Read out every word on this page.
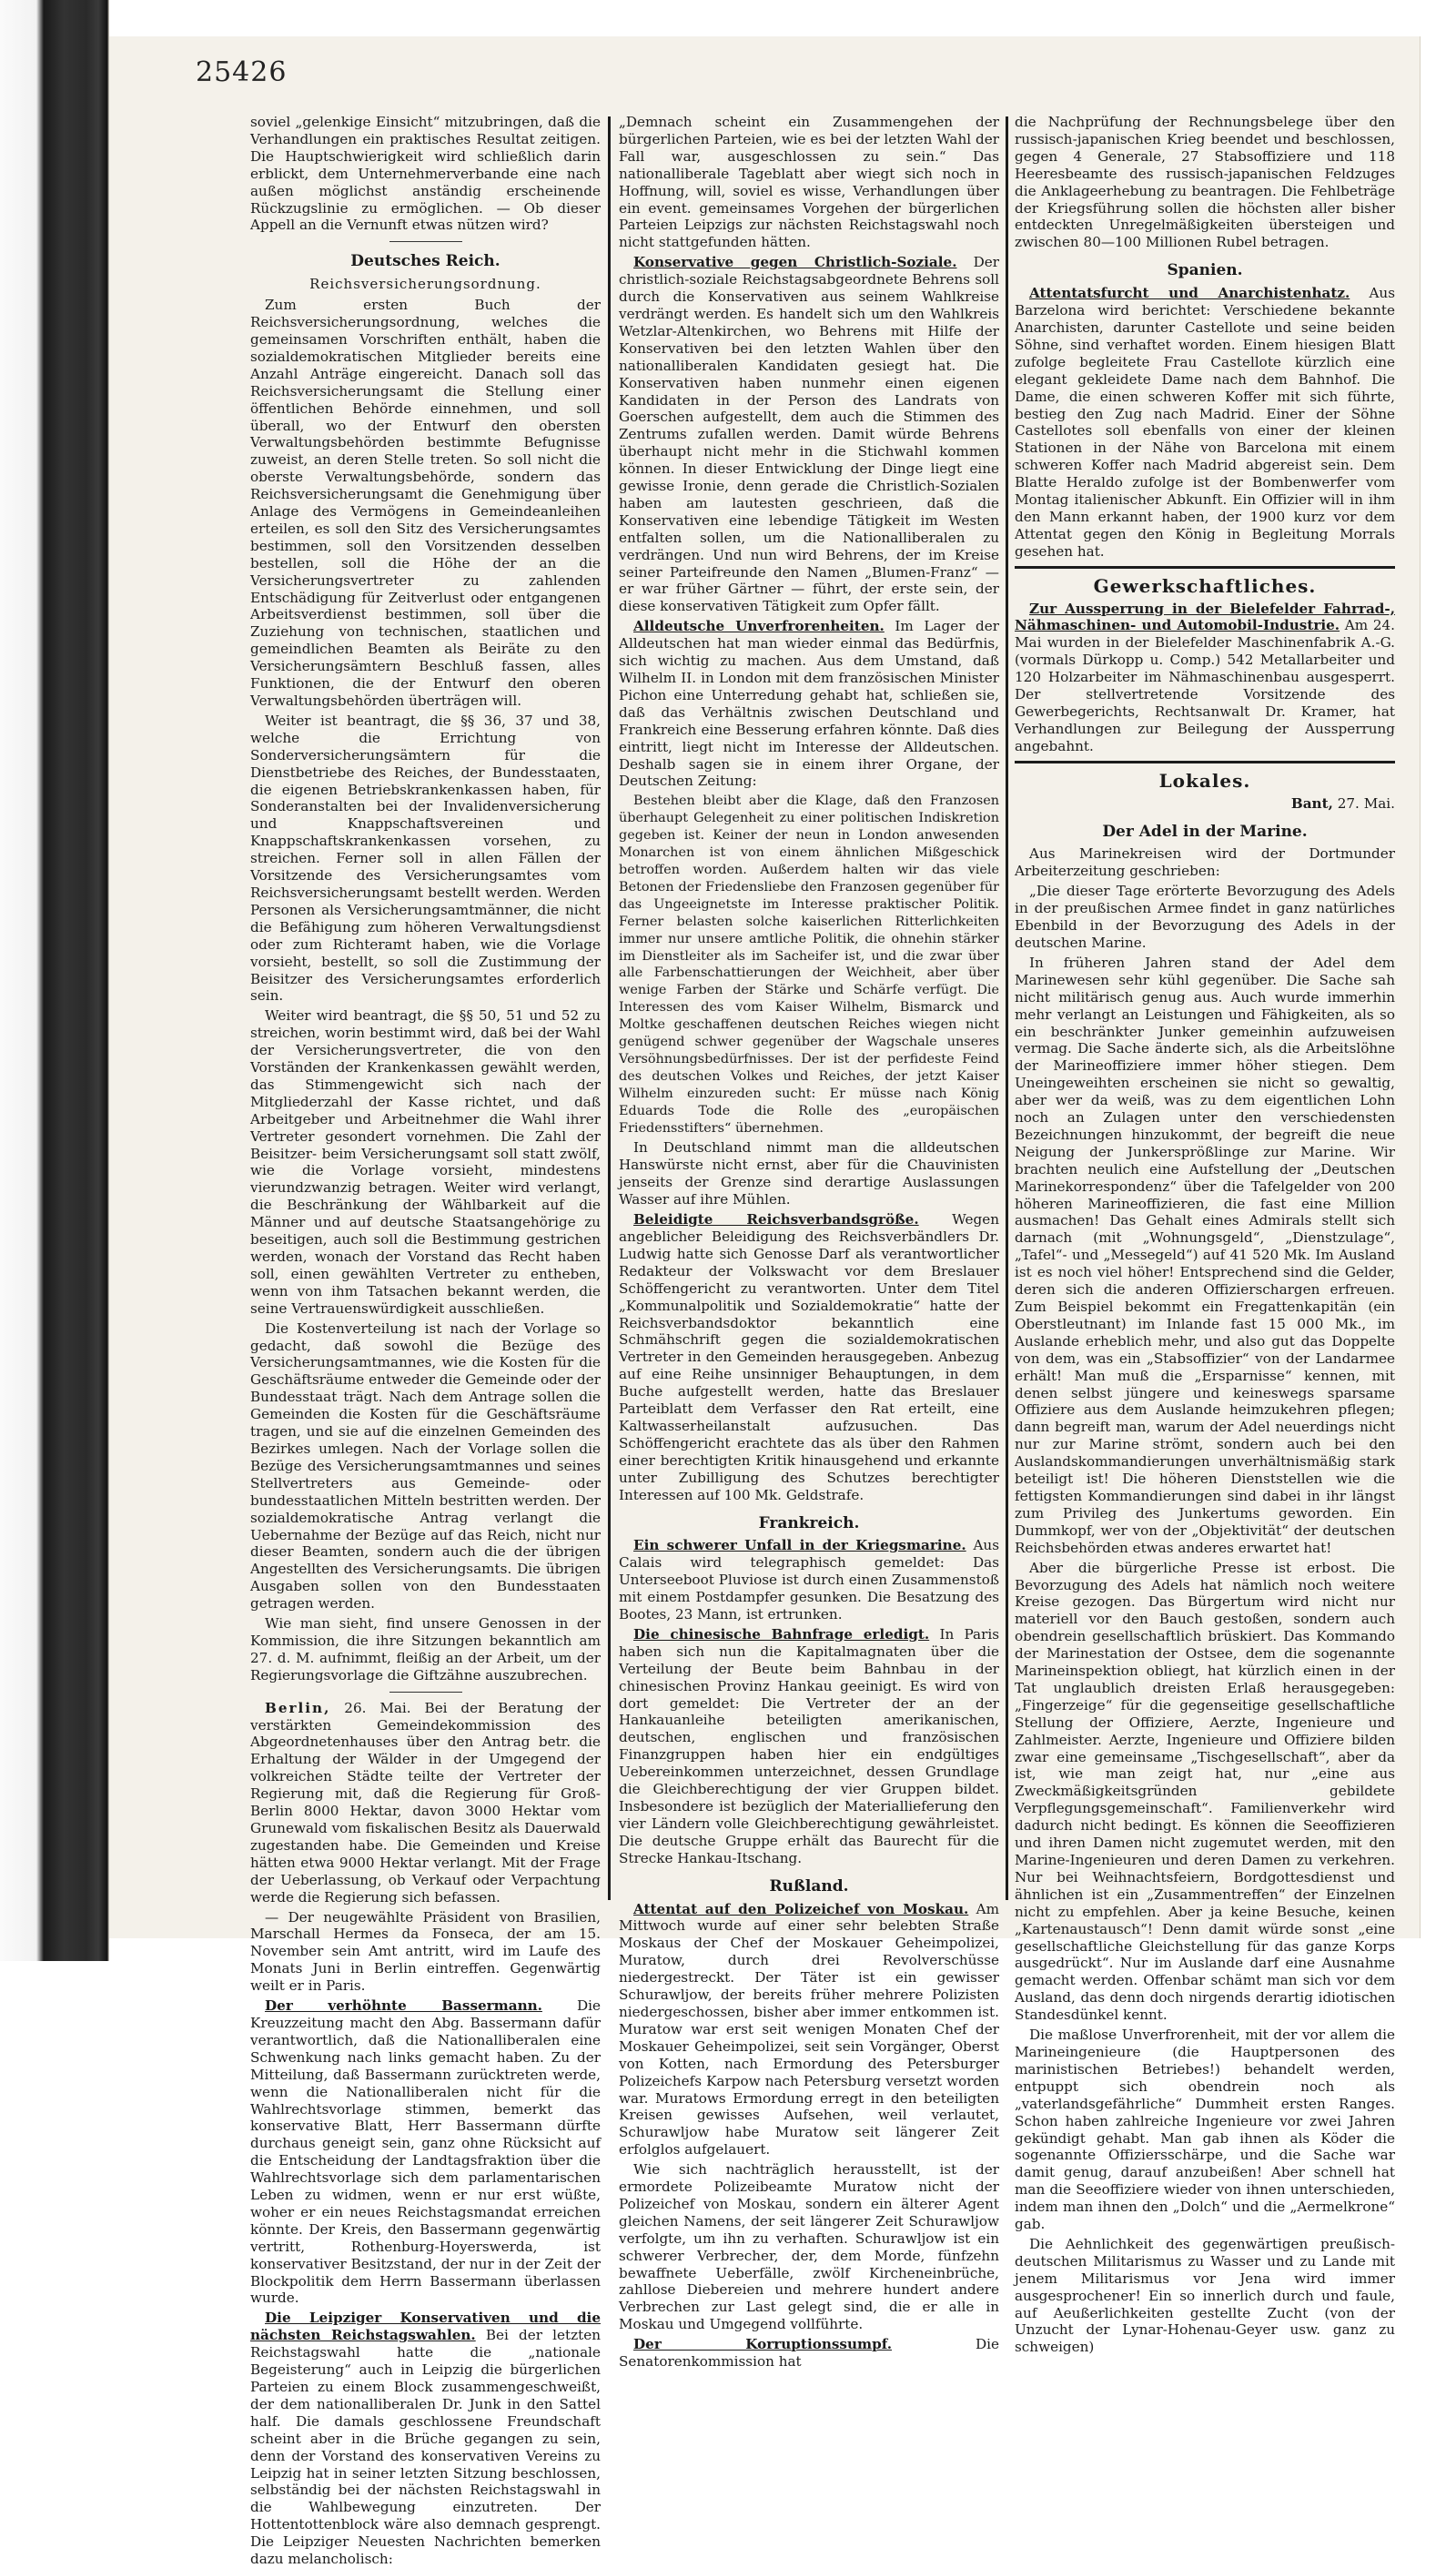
25426

soviel „gelenkige Einsicht“ mitzubringen, daß die Verhandlungen ein praktisches Resultat zeitigen. Die Hauptschwierigkeit wird schließlich darin erblickt, dem Unternehmerverbande eine nach außen möglichst anständig erscheinende Rückzugslinie zu ermöglichen. — Ob dieser Appell an die Vernunft etwas nützen wird?

Deutsches Reich.
Reichsversicherungsordnung.

Zum ersten Buch der Reichsversicherungsordnung, welches die gemeinsamen Vorschriften enthält, haben die sozialdemokratischen Mitglieder bereits eine Anzahl Anträge eingereicht. Danach soll das Reichsversicherungsamt die Stellung einer öffentlichen Behörde einnehmen, und soll überall, wo der Entwurf den obersten Verwaltungsbehörden bestimmte Befugnisse zuweist, an deren Stelle treten. So soll nicht die oberste Verwaltungsbehörde, sondern das Reichsversicherungsamt die Genehmigung über Anlage des Vermögens in Gemeindeanleihen erteilen, es soll den Sitz des Versicherungsamtes bestimmen, soll den Vorsitzenden desselben bestellen, soll die Höhe der an die Versicherungsvertreter zu zahlenden Entschädigung für Zeitverlust oder entgangenen Arbeitsverdienst bestimmen, soll über die Zuziehung von technischen, staatlichen und gemeindlichen Beamten als Beiräte zu den Versicherungsämtern Beschluß fassen, alles Funktionen, die der Entwurf den oberen Verwaltungsbehörden überträgen will.

Weiter ist beantragt, die §§ 36, 37 und 38, welche die Errichtung von Sonderversicherungsämtern für die Dienstbetriebe des Reiches, der Bundesstaaten, die eigenen Betriebskrankenkassen haben, für Sonderanstalten bei der Invalidenversicherung und Knappschaftsvereinen und Knappschaftskrankenkassen vorsehen, zu streichen. Ferner soll in allen Fällen der Vorsitzende des Versicherungsamtes vom Reichsversicherungsamt bestellt werden. Werden Personen als Versicherungsamtmänner, die nicht die Befähigung zum höheren Verwaltungsdienst oder zum Richteramt haben, wie die Vorlage vorsieht, bestellt, so soll die Zustimmung der Beisitzer des Versicherungsamtes erforderlich sein.

Weiter wird beantragt, die §§ 50, 51 und 52 zu streichen, worin bestimmt wird, daß bei der Wahl der Versicherungsvertreter, die von den Vorständen der Krankenkassen gewählt werden, das Stimmengewicht sich nach der Mitgliederzahl der Kasse richtet, und daß Arbeitgeber und Arbeitnehmer die Wahl ihrer Vertreter gesondert vornehmen. Die Zahl der Beisitzer- beim Versicherungsamt soll statt zwölf, wie die Vorlage vorsieht, mindestens vierundzwanzig betragen. Weiter wird verlangt, die Beschränkung der Wählbarkeit auf die Männer und auf deutsche Staatsangehörige zu beseitigen, auch soll die Bestimmung gestrichen werden, wonach der Vorstand das Recht haben soll, einen gewählten Vertreter zu entheben, wenn von ihm Tatsachen bekannt werden, die seine Vertrauenswürdigkeit ausschließen.

Die Kostenverteilung ist nach der Vorlage so gedacht, daß sowohl die Bezüge des Versicherungsamtmannes, wie die Kosten für die Geschäftsräume entweder die Gemeinde oder der Bundesstaat trägt. Nach dem Antrage sollen die Gemeinden die Kosten für die Geschäftsräume tragen, und sie auf die einzelnen Gemeinden des Bezirkes umlegen. Nach der Vorlage sollen die Bezüge des Versicherungsamtmannes und seines Stellvertreters aus Gemeinde- oder bundesstaatlichen Mitteln bestritten werden. Der sozialdemokratische Antrag verlangt die Uebernahme der Bezüge auf das Reich, nicht nur dieser Beamten, sondern auch die der übrigen Angestellten des Versicherungsamts. Die übrigen Ausgaben sollen von den Bundesstaaten getragen werden.

Wie man sieht, find unsere Genossen in der Kommission, die ihre Sitzungen bekanntlich am 27. d. M. aufnimmt, fleißig an der Arbeit, um der Regierungsvorlage die Giftzähne auszubrechen.

Berlin, 26. Mai. Bei der Beratung der verstärkten Gemeindekommission des Abgeordnetenhauses über den Antrag betr. die Erhaltung der Wälder in der Umgegend der volkreichen Städte teilte der Vertreter der Regierung mit, daß die Regierung für Groß-Berlin 8000 Hektar, davon 3000 Hektar vom Grunewald vom fiskalischen Besitz als Dauerwald zugestanden habe. Die Gemeinden und Kreise hätten etwa 9000 Hektar verlangt. Mit der Frage der Ueberlassung, ob Verkauf oder Verpachtung werde die Regierung sich befassen.

— Der neugewählte Präsident von Brasilien, Marschall Hermes da Fonseca, der am 15. November sein Amt antritt, wird im Laufe des Monats Juni in Berlin eintreffen. Gegenwärtig weilt er in Paris.

Der verhöhnte Bassermann.	Die Kreuzzeitung macht den Abg. Bassermann dafür verantwortlich, daß die Nationalliberalen eine Schwenkung nach links gemacht haben. Zu der Mitteilung, daß Bassermann zurücktreten werde, wenn die Nationalliberalen nicht für die Wahlrechtsvorlage stimmen, bemerkt das konservative Blatt, Herr Bassermann dürfte durchaus geneigt sein, ganz ohne Rücksicht auf die Entscheidung der Landtagsfraktion über die Wahlrechtsvorlage sich dem parlamentarischen Leben zu widmen, wenn er nur erst wüßte, woher er ein neues Reichstagsmandat erreichen könnte. Der Kreis, den Bassermann gegenwärtig vertritt, Rothenburg-Hoyerswerda, ist konservativer Besitzstand, der nur in der Zeit der Blockpolitik dem Herrn Bassermann überlassen wurde.

Die Leipziger Konservativen und die nächsten Reichstagswahlen. Bei der letzten Reichstagswahl hatte die „nationale Begeisterung“ auch in Leipzig die bürgerlichen Parteien zu einem Block zusammengeschweißt, der dem nationalliberalen Dr. Junk in den Sattel half. Die damals geschlossene Freundschaft scheint aber in die Brüche gegangen zu sein, denn der Vorstand des konservativen Vereins zu Leipzig hat in seiner letzten Sitzung beschlossen, selbständig bei der nächsten Reichstagswahl in die Wahlbewegung einzutreten. Der Hottentottenblock wäre also demnach gesprengt. Die Leipziger Neuesten Nachrichten bemerken dazu melancholisch:

„Demnach scheint ein Zusammengehen der bürgerlichen Parteien, wie es bei der letzten Wahl der Fall war, ausgeschlossen zu sein.“ Das nationalliberale Tageblatt aber wiegt sich noch in Hoffnung, will, soviel es wisse, Verhandlungen über ein event. gemeinsames Vorgehen der bürgerlichen Parteien Leipzigs zur nächsten Reichstagswahl noch nicht stattgefunden hätten.

Konservative gegen Christlich-Soziale. Der christlich-soziale Reichstagsabgeordnete Behrens soll durch die Konservativen aus seinem Wahlkreise verdrängt werden. Es handelt sich um den Wahlkreis Wetzlar-Altenkirchen, wo Behrens mit Hilfe der Konservativen bei den letzten Wahlen über den nationalliberalen Kandidaten gesiegt hat. Die Konservativen haben nunmehr einen eigenen Kandidaten in der Person des Landrats von Goerschen aufgestellt, dem auch die Stimmen des Zentrums zufallen werden. Damit würde Behrens überhaupt nicht mehr in die Stichwahl kommen können. In dieser Entwicklung der Dinge liegt eine gewisse Ironie, denn gerade die Christlich-Sozialen haben am lautesten geschrieen, daß die Konservativen eine lebendige Tätigkeit im Westen entfalten sollen, um die Nationalliberalen zu verdrängen. Und nun wird Behrens, der im Kreise seiner Parteifreunde den Namen „Blumen-Franz“ — er war früher Gärtner — führt, der erste sein, der diese konservativen Tätigkeit zum Opfer fällt.

Alldeutsche Unverfrorenheiten. Im Lager der Alldeutschen hat man wieder einmal das Bedürfnis, sich wichtig zu machen. Aus dem Umstand, daß Wilhelm II. in London mit dem französischen Minister Pichon eine Unterredung gehabt hat, schließen sie, daß das Verhältnis zwischen Deutschland und Frankreich eine Besserung erfahren könnte. Daß dies eintritt, liegt nicht im Interesse der Alldeutschen. Deshalb sagen sie in einem ihrer Organe, der Deutschen Zeitung:

Bestehen bleibt aber die Klage, daß den Franzosen überhaupt Gelegenheit zu einer politischen Indiskretion gegeben ist. Keiner der neun in London anwesenden Monarchen ist von einem ähnlichen Mißgeschick betroffen worden. Außerdem halten wir das viele Betonen der Friedensliebe den Franzosen gegenüber für das Ungeeignetste im Interesse praktischer Politik. Ferner belasten solche kaiserlichen Ritterlichkeiten immer nur unsere amtliche Politik, die ohnehin stärker im Dienstleiter als im Sacheifer ist, und die zwar über alle Farbenschattierungen der Weichheit, aber über wenige Farben der Stärke und Schärfe verfügt. Die Interessen des vom Kaiser Wilhelm, Bismarck und Moltke geschaffenen deutschen Reiches wiegen nicht genügend schwer gegenüber der Wagschale unseres Versöhnungsbedürfnisses. Der ist der perfideste Feind des deutschen Volkes und Reiches, der jetzt Kaiser Wilhelm einzureden sucht: Er müsse nach König Eduards Tode die Rolle des „europäischen Friedensstifters“ übernehmen.

In Deutschland nimmt man die alldeutschen Hanswürste nicht ernst, aber für die Chauvinisten jenseits der Grenze sind derartige Auslassungen Wasser auf ihre Mühlen.

Beleidigte Reichsverbandsgröße. Wegen angeblicher Beleidigung des Reichsverbändlers Dr. Ludwig hatte sich Genosse Darf als verantwortlicher Redakteur der Volkswacht vor dem Breslauer Schöffengericht zu verantworten. Unter dem Titel „Kommunalpolitik und Sozialdemokratie“ hatte der Reichsverbandsdoktor bekanntlich eine Schmähschrift gegen die sozialdemokratischen Vertreter in den Gemeinden herausgegeben. Anbezug auf eine Reihe unsinniger Behauptungen, in dem Buche aufgestellt werden, hatte das Breslauer Parteiblatt dem Verfasser den Rat erteilt, eine Kaltwasserheilanstalt aufzusuchen. Das Schöffengericht erachtete das als über den Rahmen einer berechtigten Kritik hinausgehend und erkannte unter Zubilligung des Schutzes berechtigter Interessen auf 100 Mk. Geldstrafe.

Frankreich.

Ein schwerer Unfall in der Kriegsmarine. Aus Calais wird telegraphisch gemeldet: Das Unterseeboot Pluviose ist durch einen Zusammenstoß mit einem Postdampfer gesunken. Die Besatzung des Bootes, 23 Mann, ist ertrunken.

Die chinesische Bahnfrage erledigt. In Paris haben sich nun die Kapitalmagnaten über die Verteilung der Beute beim Bahnbau in der chinesischen Provinz Hankau geeinigt. Es wird von dort gemeldet: Die Vertreter der an der Hankauanleihe beteiligten amerikanischen, deutschen, englischen und französischen Finanzgruppen haben hier ein endgültiges Uebereinkommen unterzeichnet, dessen Grundlage die Gleichberechtigung der vier Gruppen bildet. Insbesondere ist bezüglich der Materiallieferung den vier Ländern volle Gleichberechtigung gewährleistet. Die deutsche Gruppe erhält das Baurecht für die Strecke Hankau-Itschang.

Rußland.

Attentat auf den Polizeichef von Moskau. Am Mittwoch wurde auf einer sehr belebten Straße Moskaus der Chef der Moskauer Geheimpolizei, Muratow, durch drei Revolverschüsse niedergestreckt. Der Täter ist ein gewisser Schurawljow, der bereits früher mehrere Polizisten niedergeschossen, bisher aber immer entkommen ist. Muratow war erst seit wenigen Monaten Chef der Moskauer Geheimpolizei, seit sein Vorgänger, Oberst von Kotten, nach Ermordung des Petersburger Polizeichefs Karpow nach Petersburg versetzt worden war. Muratows Ermordung erregt in den beteiligten Kreisen gewisses Aufsehen, weil verlautet, Schurawljow habe Muratow seit längerer Zeit erfolglos aufgelauert.

Wie sich nachträglich herausstellt, ist der ermordete Polizeibeamte Muratow nicht der Polizeichef von Moskau, sondern ein älterer Agent gleichen Namens, der seit längerer Zeit Schurawljow verfolgte, um ihn zu verhaften. Schurawljow ist ein schwerer Verbrecher, der, dem Morde, fünfzehn bewaffnete Ueberfälle, zwölf Kircheneinbrüche, zahllose Diebereien und mehrere hundert andere Verbrechen zur Last gelegt sind, die er alle in Moskau und Umgegend vollführte.

Der Korruptionssumpf.	Die Senatorenkommission hat

die Nachprüfung der Rechnungsbelege über den russisch-japanischen Krieg beendet und beschlossen, gegen 4 Generale, 27 Stabsoffiziere und 118 Heeresbeamte des russisch-japanischen Feldzuges die Anklageerhebung zu beantragen. Die Fehlbeträge der Kriegsführung sollen die höchsten aller bisher entdeckten Unregelmäßigkeiten übersteigen und zwischen 80—100 Millionen Rubel betragen.

Spanien.

Attentatsfurcht und Anarchistenhatz. Aus Barzelona wird berichtet: Verschiedene bekannte Anarchisten, darunter Castellote und seine beiden Söhne, sind verhaftet worden. Einem hiesigen Blatt zufolge begleitete Frau Castellote kürzlich eine elegant gekleidete Dame nach dem Bahnhof. Die Dame, die einen schweren Koffer mit sich führte, bestieg den Zug nach Madrid. Einer der Söhne Castellotes soll ebenfalls von einer der kleinen Stationen in der Nähe von Barcelona mit einem schweren Koffer nach Madrid abgereist sein. Dem Blatte Heraldo zufolge ist der Bombenwerfer vom Montag italienischer Abkunft. Ein Offizier will in ihm den Mann erkannt haben, der 1900 kurz vor dem Attentat gegen den König in Begleitung Morrals gesehen hat.

Gewerkschaftliches.

Zur Aussperrung in der Bielefelder Fahrrad-, Nähmaschinen- und Automobil-Industrie. Am 24. Mai wurden in der Bielefelder Maschinenfabrik A.-G. (vormals Dürkopp u. Comp.) 542 Metallarbeiter und 120 Holzarbeiter im Nähmaschinenbau ausgesperrt. Der stellvertretende Vorsitzende des Gewerbegerichts, Rechtsanwalt Dr. Kramer, hat Verhandlungen zur Beilegung der Aussperrung angebahnt.

Lokales.

Bant, 27. Mai.

Der Adel in der Marine.

Aus Marinekreisen wird der Dortmunder Arbeiterzeitung geschrieben:

„Die dieser Tage erörterte Bevorzugung des Adels in der preußischen Armee findet in ganz natürliches Ebenbild in der Bevorzugung des Adels in der deutschen Marine.

In früheren Jahren stand der Adel dem Marinewesen sehr kühl gegenüber. Die Sache sah nicht militärisch genug aus. Auch wurde immerhin mehr verlangt an Leistungen und Fähigkeiten, als so ein beschränkter Junker gemeinhin aufzuweisen vermag. Die Sache änderte sich, als die Arbeitslöhne der Marineoffiziere immer höher stiegen. Dem Uneingeweihten erscheinen sie nicht so gewaltig, aber wer da weiß, was zu dem eigentlichen Lohn noch an Zulagen unter den verschiedensten Bezeichnungen hinzukommt, der begreift die neue Neigung der Junkersprößlinge zur Marine. Wir brachten neulich eine Aufstellung der „Deutschen Marinekorrespondenz“ über die Tafelgelder von 200 höheren Marineoffizieren, die fast eine Million ausmachen! Das Gehalt eines Admirals stellt sich darnach (mit „Wohnungsgeld“, „Dienstzulage“, „Tafel“- und „Messegeld“) auf 41 520 Mk. Im Ausland ist es noch viel höher! Entsprechend sind die Gelder, deren sich die anderen Offizierschargen erfreuen. Zum Beispiel bekommt ein Fregattenkapitän (ein Oberstleutnant) im Inlande fast 15 000 Mk., im Auslande erheblich mehr, und also gut das Doppelte von dem, was ein „Stabsoffizier“ von der Landarmee erhält! Man muß die „Ersparnisse“ kennen, mit denen selbst jüngere und keineswegs sparsame Offiziere aus dem Auslande heimzukehren pflegen; dann begreift man, warum der Adel neuerdings nicht nur zur Marine strömt, sondern auch bei den Auslandskommandierungen unverhältnismäßig stark beteiligt ist! Die höheren Dienststellen wie die fettigsten Kommandierungen sind dabei in ihr längst zum Privileg des Junkertums geworden. Ein Dummkopf, wer von der „Objektivität“ der deutschen Reichsbehörden etwas anderes erwartet hat!

Aber die bürgerliche Presse ist erbost. Die Bevorzugung des Adels hat nämlich noch weitere Kreise gezogen. Das Bürgertum wird nicht nur materiell vor den Bauch gestoßen, sondern auch obendrein gesellschaftlich brüskiert. Das Kommando der Marinestation der Ostsee, dem die sogenannte Marineinspektion obliegt, hat kürzlich einen in der Tat unglaublich dreisten Erlaß herausgegeben: „Fingerzeige“ für die gegenseitige gesellschaftliche Stellung der Offiziere, Aerzte, Ingenieure und Zahlmeister. Aerzte, Ingenieure und Offiziere bilden zwar eine gemeinsame „Tischgesellschaft“, aber da ist, wie man zeigt hat, nur „eine aus Zweckmäßigkeitsgründen gebildete Verpflegungsgemeinschaft“. Familienverkehr wird dadurch nicht bedingt. Es können die Seeoffizieren und ihren Damen nicht zugemutet werden, mit den Marine-Ingenieuren und deren Damen zu verkehren. Nur bei Weihnachtsfeiern, Bordgottesdienst und ähnlichen ist ein „Zusammentreffen“ der Einzelnen nicht zu empfehlen. Aber ja keine Besuche, keinen „Kartenaustausch“! Denn damit würde sonst „eine gesellschaftliche Gleichstellung für das ganze Korps ausgedrückt“. Nur im Auslande darf eine Ausnahme gemacht werden. Offenbar schämt man sich vor dem Ausland, das denn doch nirgends derartig idiotischen Standesdünkel kennt.

Die maßlose Unverfrorenheit, mit der vor allem die Marineingenieure (die Hauptpersonen des marinistischen Betriebes!) behandelt werden, entpuppt sich obendrein noch als „vaterlandsgefährliche“ Dummheit ersten Ranges. Schon haben zahlreiche Ingenieure vor zwei Jahren gekündigt gehabt. Man gab ihnen als Köder die sogenannte Offiziersschärpe, und die Sache war damit genug, darauf anzubeißen! Aber schnell hat man die Seeoffiziere wieder von ihnen unterschieden, indem man ihnen den „Dolch“ und die „Aermelkrone“ gab.

Die Aehnlichkeit des gegenwärtigen preußisch-deutschen Militarismus zu Wasser und zu Lande mit jenem Militarismus vor Jena wird immer ausgesprochener! Ein so innerlich durch und faule, auf Aeußerlichkeiten gestellte Zucht (von der Unzucht der Lynar-Hohenau-Geyer usw. ganz zu schweigen)
